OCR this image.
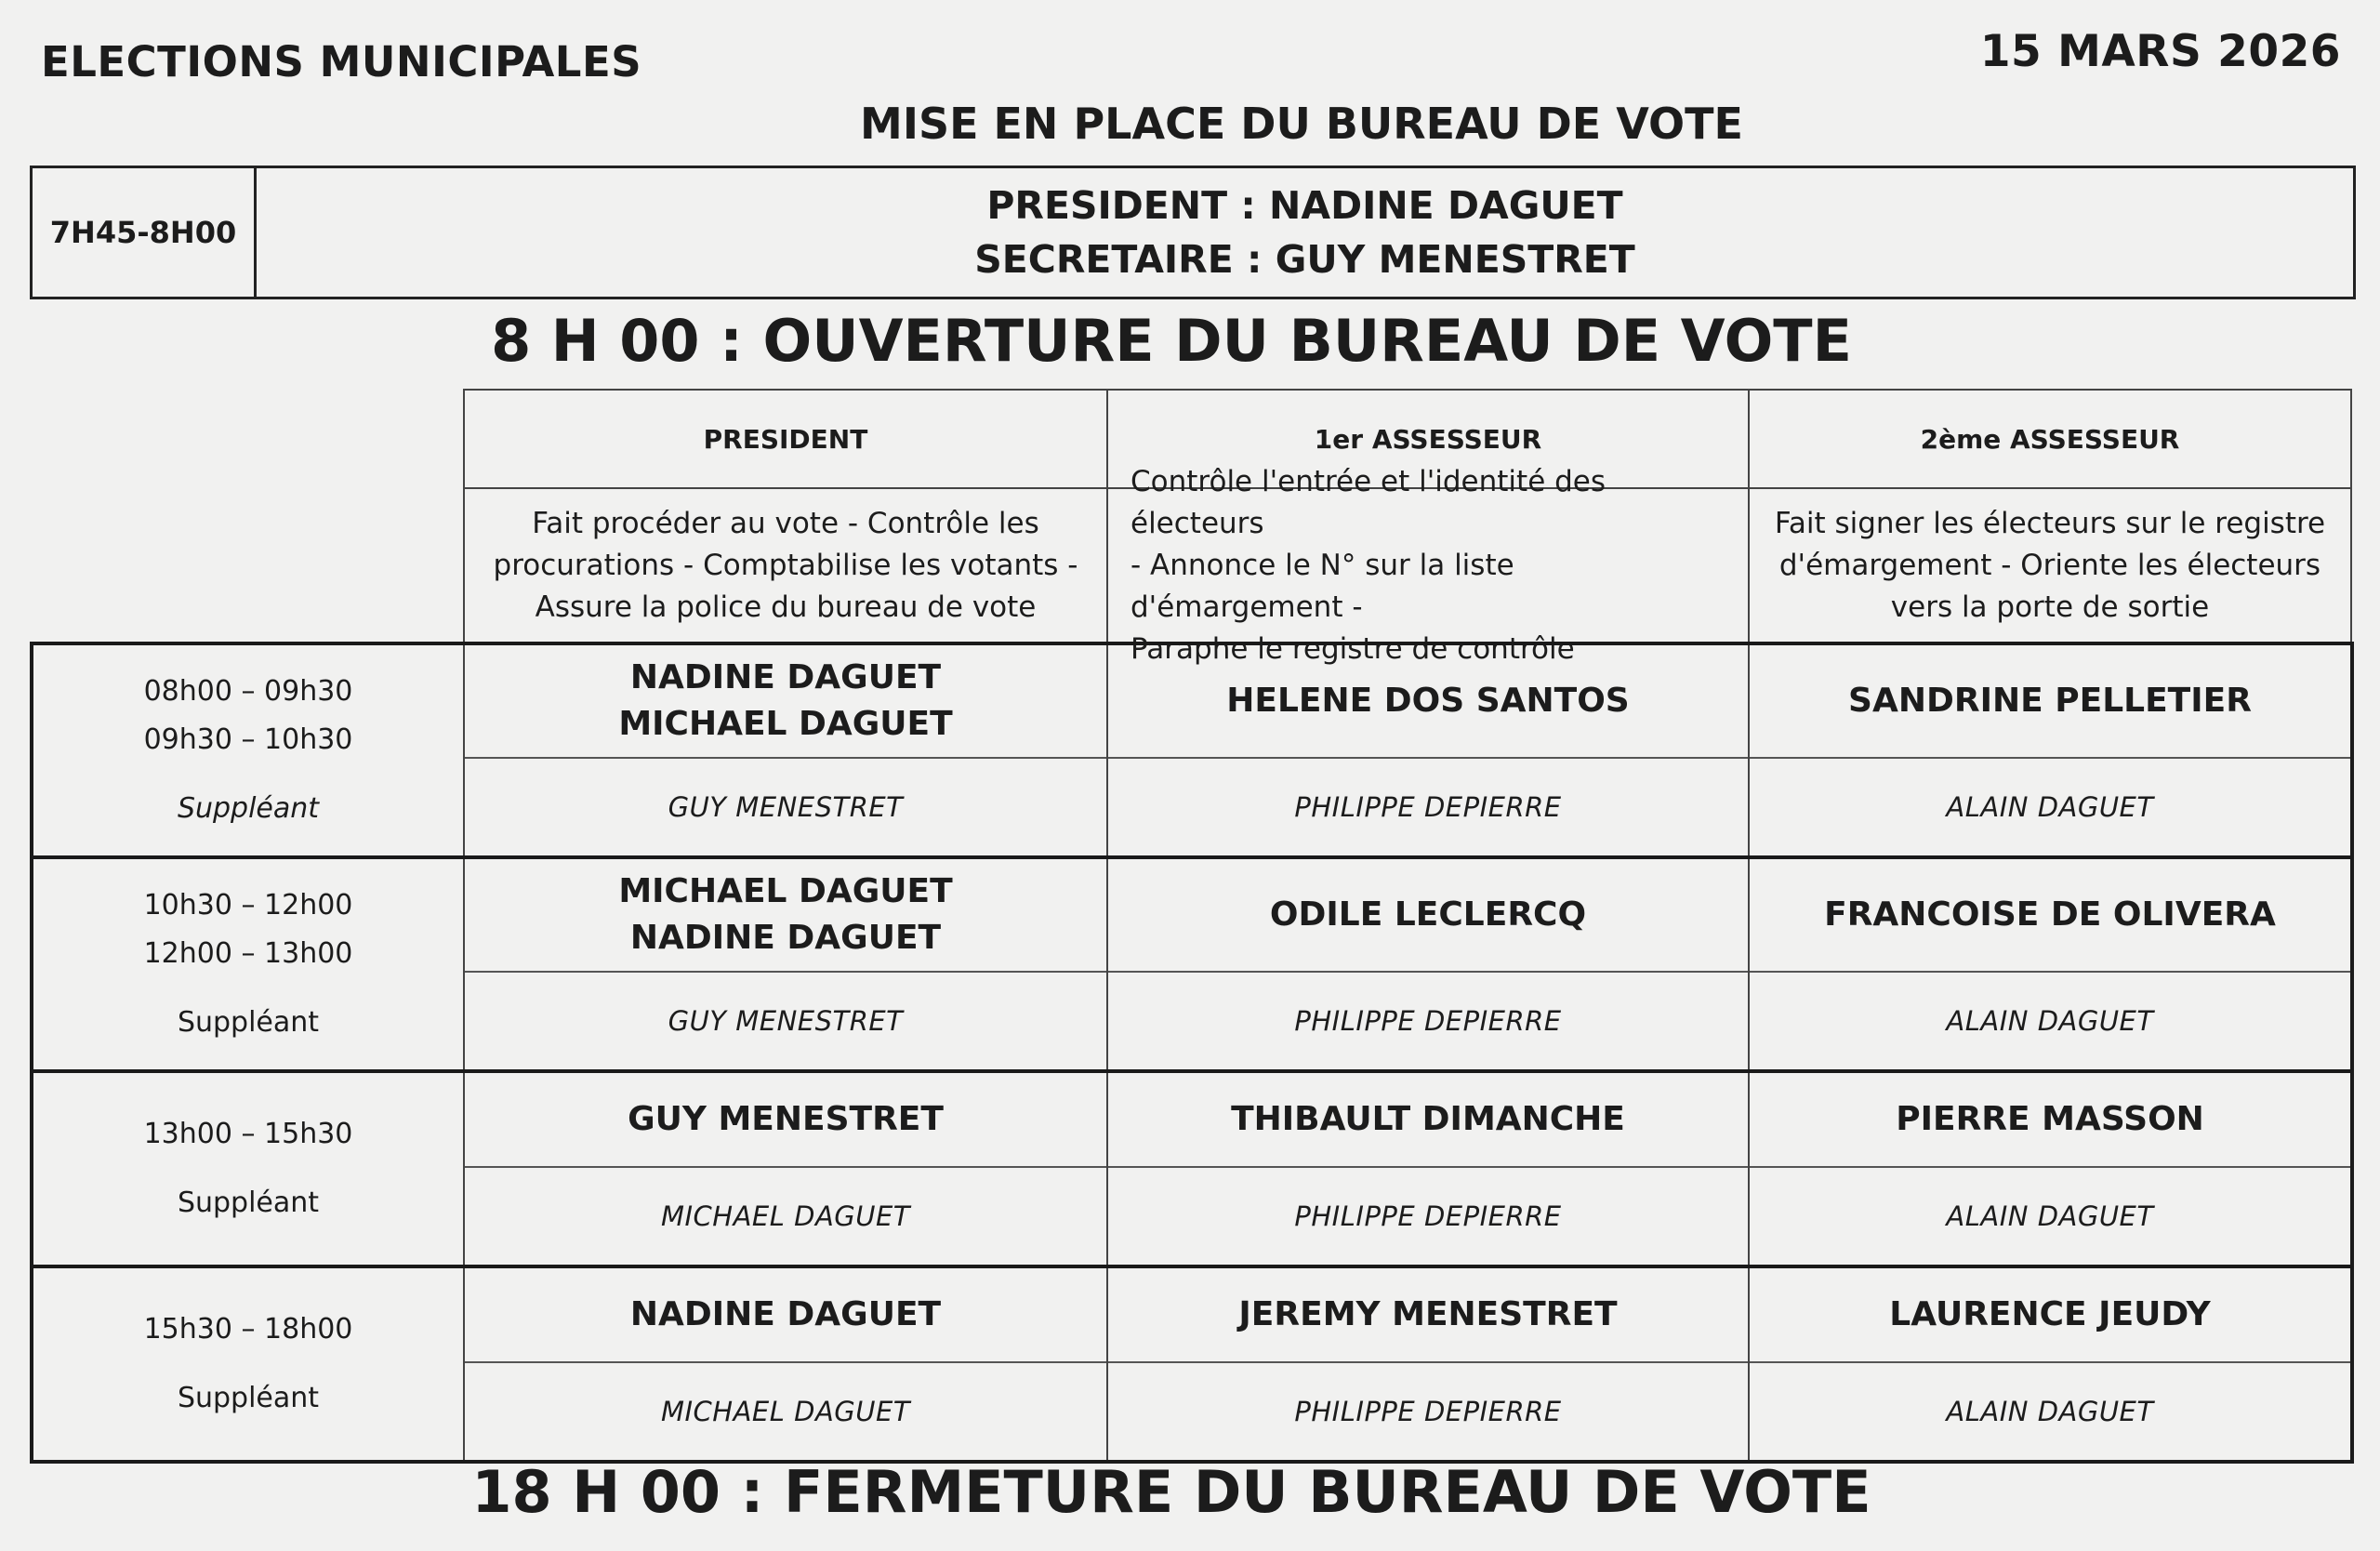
ELECTIONS MUNICIPALES	15 MARS 2026
MISE EN PLACE DU BUREAU DE VOTE
7H45-8H00
PRESIDENT : NADINE DAGUET
SECRETAIRE : GUY MENESTRET
8 H 00 : OUVERTURE DU BUREAU DE VOTE
PRESIDENT
Fait procéder au vote - Contrôle les
procurations - Comptabilise les votants -
Assure la police du bureau de vote
1er ASSESSEUR
Contrôle l'entrée et l'identité des électeurs
- Annonce le N° sur la liste d'émargement -
Paraphe le registre de contrôle
2ème ASSESSEUR
Fait signer les électeurs sur le registre
d'émargement - Oriente les électeurs
vers la porte de sortie
08h00 – 09h30
09h30 – 10h30
Suppléant
NADINE DAGUET
MICHAEL DAGUET
GUY MENESTRET
HELENE DOS SANTOS
PHILIPPE DEPIERRE
SANDRINE PELLETIER
ALAIN DAGUET
10h30 – 12h00
12h00 – 13h00
Suppléant
MICHAEL DAGUET
NADINE DAGUET
GUY MENESTRET
ODILE LECLERCQ
PHILIPPE DEPIERRE
FRANCOISE DE OLIVERA
ALAIN DAGUET
13h00 – 15h30
Suppléant
GUY MENESTRET
MICHAEL DAGUET
THIBAULT DIMANCHE
PHILIPPE DEPIERRE
PIERRE MASSON
ALAIN DAGUET
15h30 – 18h00
Suppléant
NADINE DAGUET
MICHAEL DAGUET
JEREMY MENESTRET
PHILIPPE DEPIERRE
LAURENCE JEUDY
ALAIN DAGUET
18 H 00 : FERMETURE DU BUREAU DE VOTE
